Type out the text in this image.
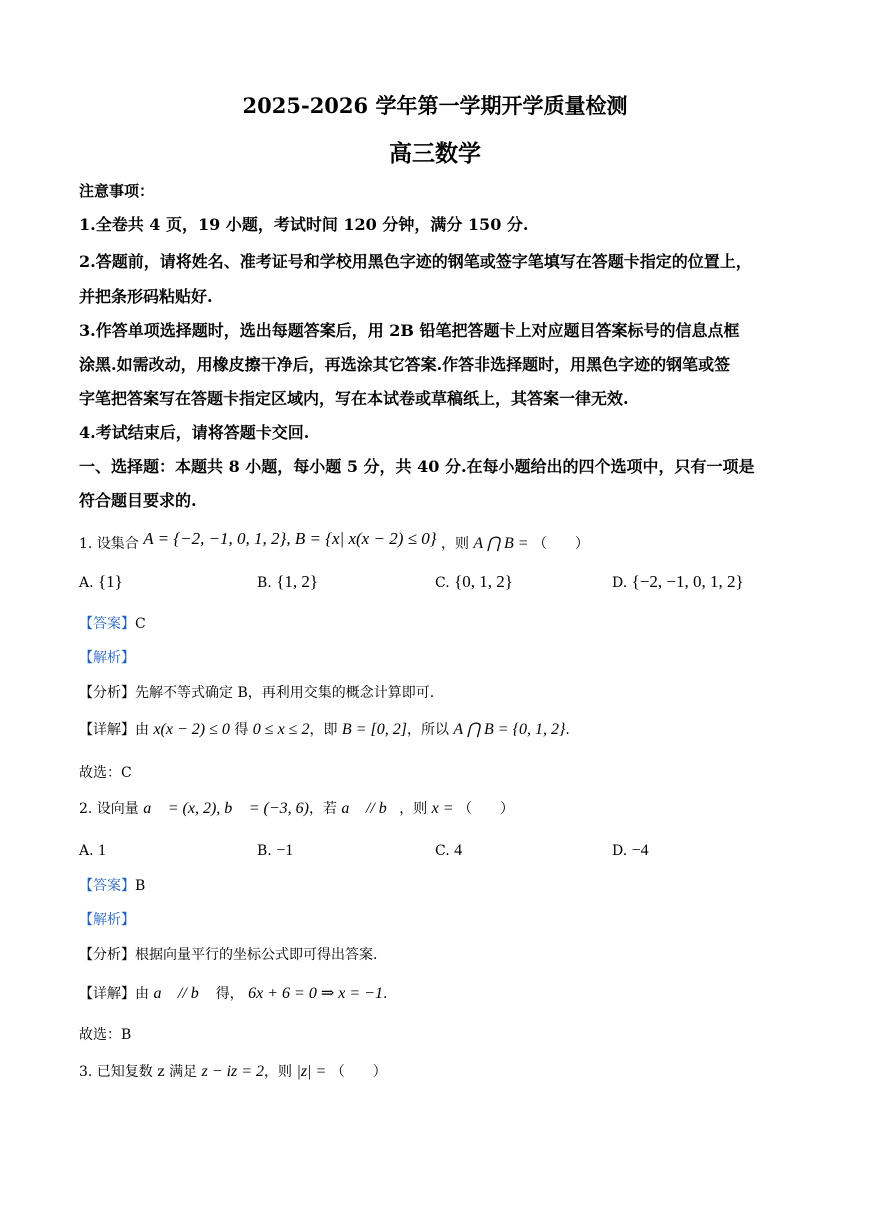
2025-2026 学年第一学期开学质量检测
高三数学
注意事项：
1.全卷共 4 页，19 小题，考试时间 120 分钟，满分 150 分.
2.答题前，请将姓名、准考证号和学校用黑色字迹的钢笔或签字笔填写在答题卡指定的位置上，
并把条形码粘贴好.
3.作答单项选择题时，选出每题答案后，用 2B 铅笔把答题卡上对应题目答案标号的信息点框
涂黑.如需改动，用橡皮擦干净后，再选涂其它答案.作答非选择题时，用黑色字迹的钢笔或签
字笔把答案写在答题卡指定区域内，写在本试卷或草稿纸上，其答案一律无效.
4.考试结束后，请将答题卡交回.
一、选择题：本题共 8 小题，每小题 5 分，共 40 分.在每小题给出的四个选项中，只有一项是
符合题目要求的.
1. 设集合 A = {−2, −1, 0, 1, 2}, B = {x| x(x − 2) ≤ 0} ，则 A ⋂ B = （　　）
A. {1}	B. {1, 2}	C. {0, 1, 2}	D. {−2, −1, 0, 1, 2}
【答案】C
【解析】
【分析】先解不等式确定 B，再利用交集的概念计算即可.
【详解】由 x(x − 2) ≤ 0 得 0 ≤ x ≤ 2，即 B = [0, 2]，所以 A ⋂ B = {0, 1, 2}.
故选：C
2. 设向量 a⃗ = (x, 2), b⃗ = (−3, 6)，若 a⃗ // b⃗，则 x = （　　）
A. 1	B. −1	C. 4	D. −4
【答案】B
【解析】
【分析】根据向量平行的坐标公式即可得出答案.
【详解】由 a⃗ // b⃗ 得， 6x + 6 = 0 ⇒ x = −1.
故选：B
3. 已知复数 z 满足 z − iz = 2，则 |z| = （　　）
